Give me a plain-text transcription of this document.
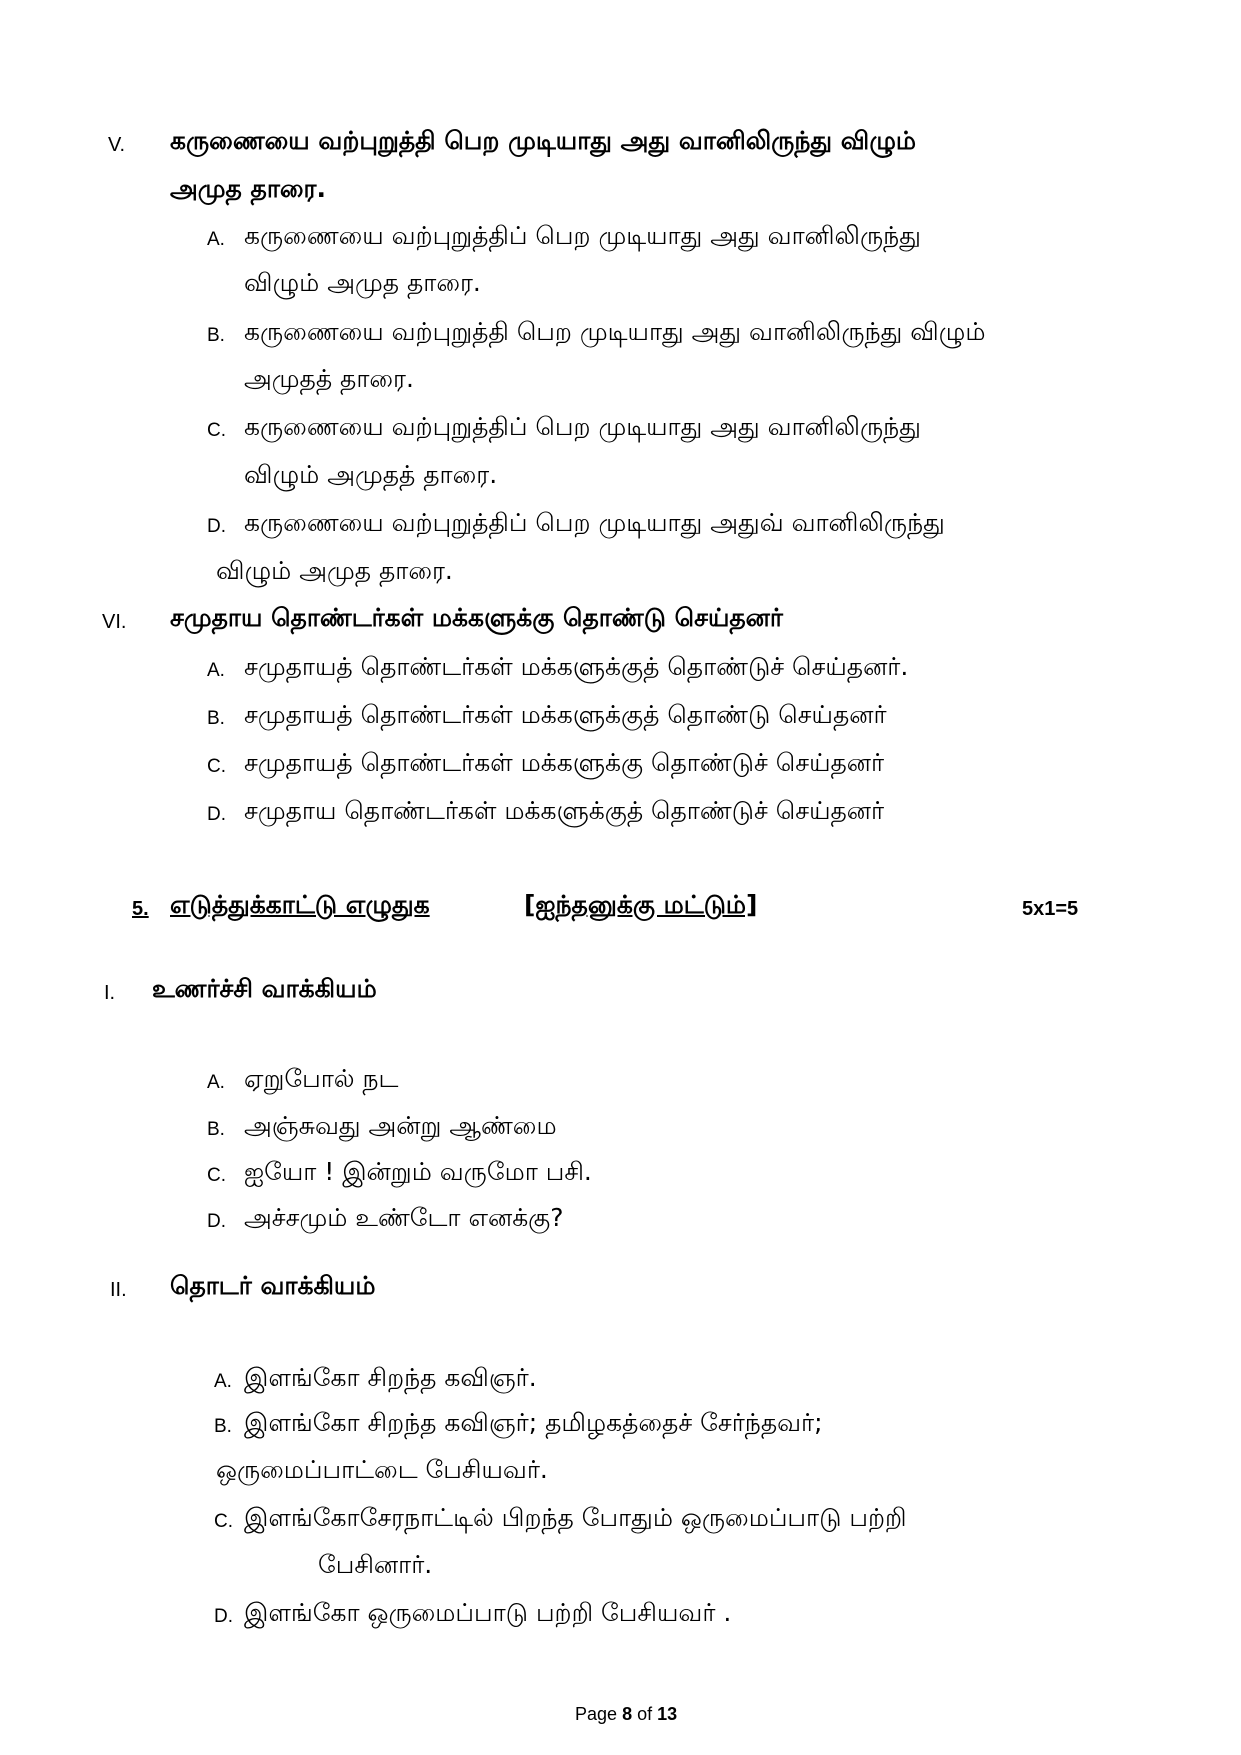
V. கருணையை வற்புறுத்தி பெற முடியாது அது வானிலிருந்து விழும்
அமுத தாரை.
A. கருணையை வற்புறுத்திப் பெற முடியாது அது வானிலிருந்து
விழும் அமுத தாரை.
B. கருணையை வற்புறுத்தி பெற முடியாது அது வானிலிருந்து விழும்
அமுதத் தாரை.
C. கருணையை வற்புறுத்திப் பெற முடியாது அது வானிலிருந்து
விழும் அமுதத் தாரை.
D. கருணையை வற்புறுத்திப் பெற முடியாது அதுவ் வானிலிருந்து
விழும் அமுத தாரை.
VI. சமுதாய தொண்டர்கள் மக்களுக்கு தொண்டு செய்தனர்
A. சமுதாயத் தொண்டர்கள் மக்களுக்குத் தொண்டுச் செய்தனர்.
B. சமுதாயத் தொண்டர்கள் மக்களுக்குத் தொண்டு செய்தனர்
C. சமுதாயத் தொண்டர்கள் மக்களுக்கு தொண்டுச் செய்தனர்
D. சமுதாய தொண்டர்கள் மக்களுக்குத் தொண்டுச் செய்தனர்
5. எடுத்துக்காட்டு எழுதுக	[ஐந்தனுக்கு மட்டும்]	5x1=5
I. உணர்ச்சி வாக்கியம்
A. ஏறுபோல் நட
B. அஞ்சுவது அன்று ஆண்மை
C. ஐயோ ! இன்றும் வருமோ பசி.
D. அச்சமும் உண்டோ எனக்கு?
II. தொடர் வாக்கியம்
A. இளங்கோ சிறந்த கவிஞர்.
B. இளங்கோ சிறந்த கவிஞர்; தமிழகத்தைச் சேர்ந்தவர்;
ஒருமைப்பாட்டை பேசியவர்.
C. இளங்கோசேரநாட்டில் பிறந்த போதும் ஒருமைப்பாடு பற்றி
பேசினார்.
D. இளங்கோ ஒருமைப்பாடு பற்றி பேசியவர் .
Page 8 of 13
